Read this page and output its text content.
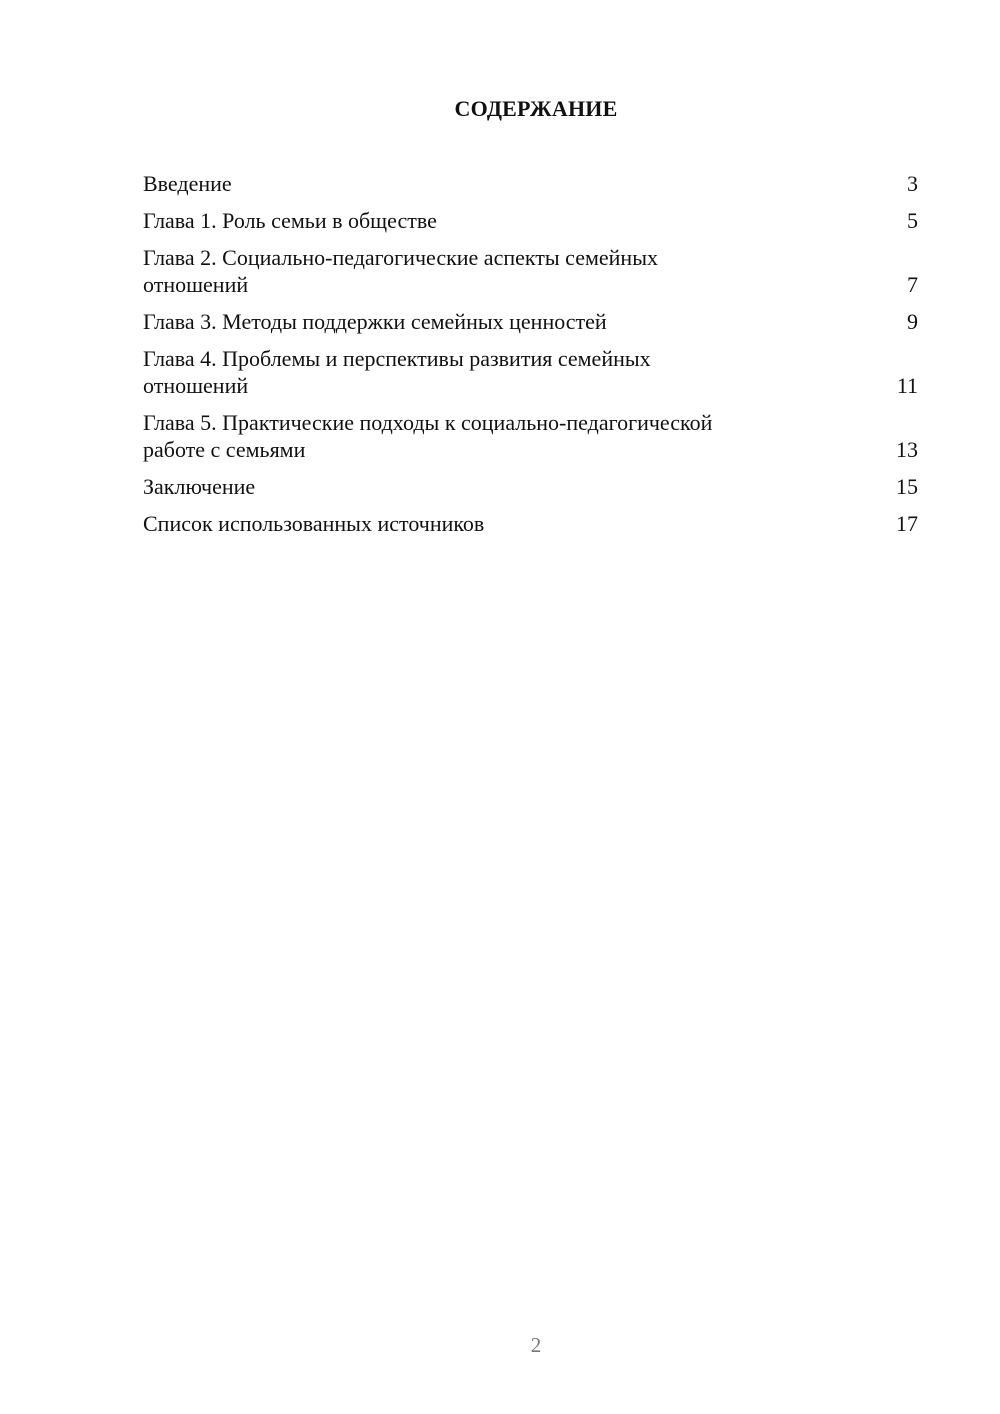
СОДЕРЖАНИЕ
Введение	3
Глава 1. Роль семьи в обществе	5
Глава 2. Социально-педагогические аспекты семейных
отношений	7
Глава 3. Методы поддержки семейных ценностей	9
Глава 4. Проблемы и перспективы развития семейных
отношений	11
Глава 5. Практические подходы к социально-педагогической
работе с семьями	13
Заключение	15
Список использованных источников	17
2
